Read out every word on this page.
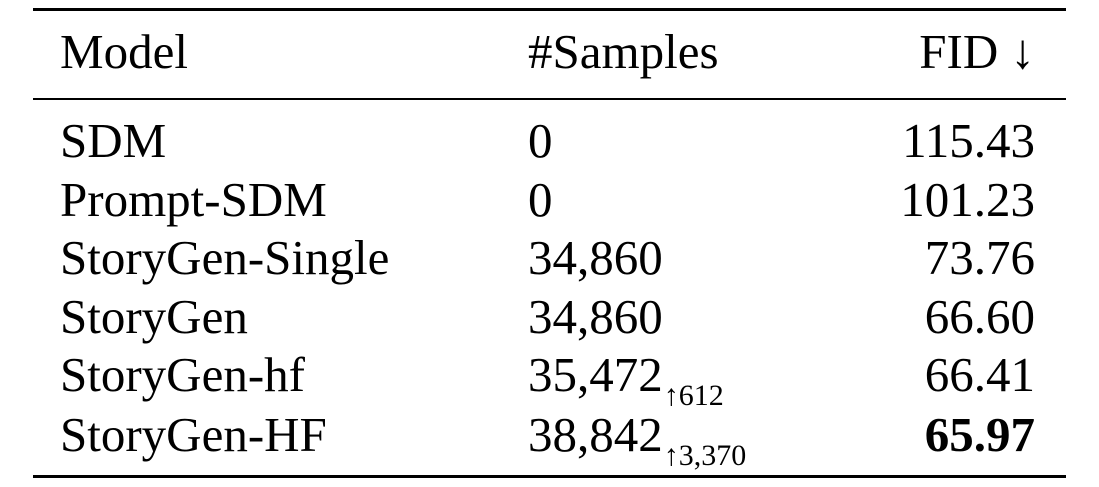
Model	#Samples	FID ↓
SDM	0	115.43
Prompt-SDM	0	101.23
StoryGen-Single	34,860	73.76
StoryGen	34,860	66.60
StoryGen-hf	$35,472_{↑612}$	66.41
StoryGen-HF	$38,842_{↑3,370}$	65.97
